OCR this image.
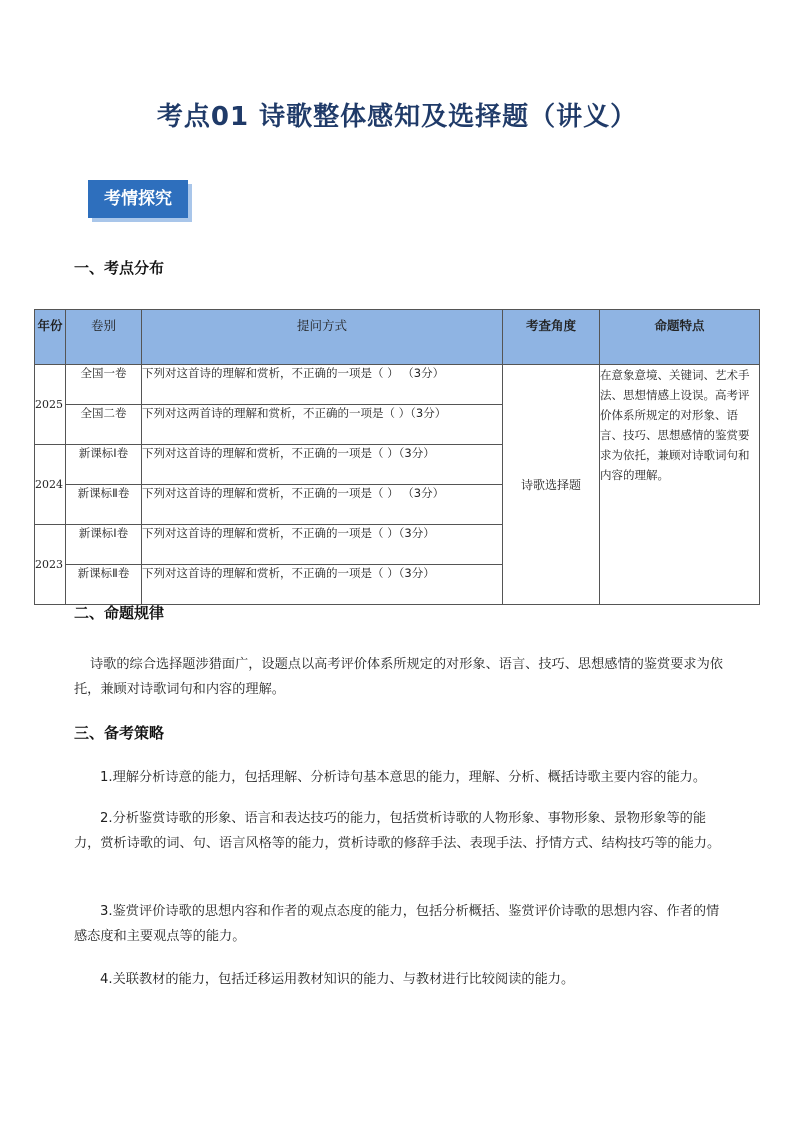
考点01 诗歌整体感知及选择题（讲义）
考情探究
一、考点分布
年份	卷别	提问方式	考查角度	命题特点
2025	全国一卷	下列对这首诗的理解和赏析，不正确的一项是（ ） （3分）	诗歌选择题	在意象意境、关键词、艺术手法、思想情感上设误。高考评价体系所规定的对形象、语言、技巧、思想感情的鉴赏要求为依托，兼顾对诗歌词句和内容的理解。
	全国二卷	下列对这两首诗的理解和赏析，不正确的一项是（ ）（3分）		
2024	新课标Ⅰ卷	下列对这首诗的理解和赏析，不正确的一项是（ ）（3分）		
	新课标Ⅱ卷	下列对这首诗的理解和赏析，不正确的一项是（ ） （3分）		
2023	新课标Ⅰ卷	下列对这首诗的理解和赏析，不正确的一项是（ ）（3分）		
	新课标Ⅱ卷	下列对这首诗的理解和赏析，不正确的一项是（ ）（3分）		
二、命题规律
诗歌的综合选择题涉猎面广，设题点以高考评价体系所规定的对形象、语言、技巧、思想感情的鉴赏要求为依托，兼顾对诗歌词句和内容的理解。
三、备考策略
1.理解分析诗意的能力，包括理解、分析诗句基本意思的能力，理解、分析、概括诗歌主要内容的能力。
2.分析鉴赏诗歌的形象、语言和表达技巧的能力，包括赏析诗歌的人物形象、事物形象、景物形象等的能力，赏析诗歌的词、句、语言风格等的能力，赏析诗歌的修辞手法、表现手法、抒情方式、结构技巧等的能力。
3.鉴赏评价诗歌的思想内容和作者的观点态度的能力，包括分析概括、鉴赏评价诗歌的思想内容、作者的情感态度和主要观点等的能力。
4.关联教材的能力，包括迁移运用教材知识的能力、与教材进行比较阅读的能力。
